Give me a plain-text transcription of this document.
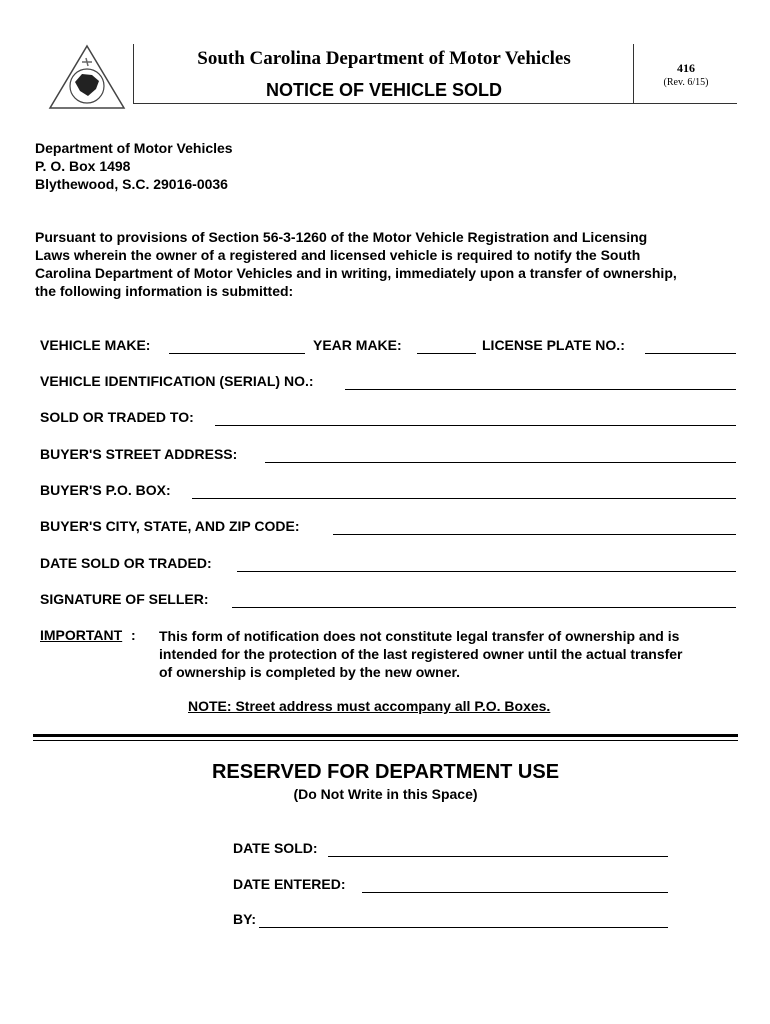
South Carolina Department of Motor Vehicles
NOTICE OF VEHICLE SOLD
416
(Rev. 6/15)
Department of Motor Vehicles
P. O. Box 1498
Blythewood, S.C. 29016-0036
Pursuant to provisions of Section 56-3-1260 of the Motor Vehicle Registration and Licensing
Laws wherein the owner of a registered and licensed vehicle is required to notify the South
Carolina Department of Motor Vehicles and in writing, immediately upon a transfer of ownership,
the following information is submitted:
VEHICLE MAKE:	YEAR MAKE:	LICENSE PLATE NO.:
VEHICLE IDENTIFICATION (SERIAL) NO.:
SOLD OR TRADED TO:
BUYER'S STREET ADDRESS:
BUYER'S P.O. BOX:
BUYER'S CITY, STATE, AND ZIP CODE:
DATE SOLD OR TRADED:
SIGNATURE OF SELLER:
IMPORTANT : This form of notification does not constitute legal transfer of ownership and is
intended for the protection of the last registered owner until the actual transfer
of ownership is completed by the new owner.
NOTE: Street address must accompany all P.O. Boxes.
RESERVED FOR DEPARTMENT USE
(Do Not Write in this Space)
DATE SOLD:
DATE ENTERED:
BY:
